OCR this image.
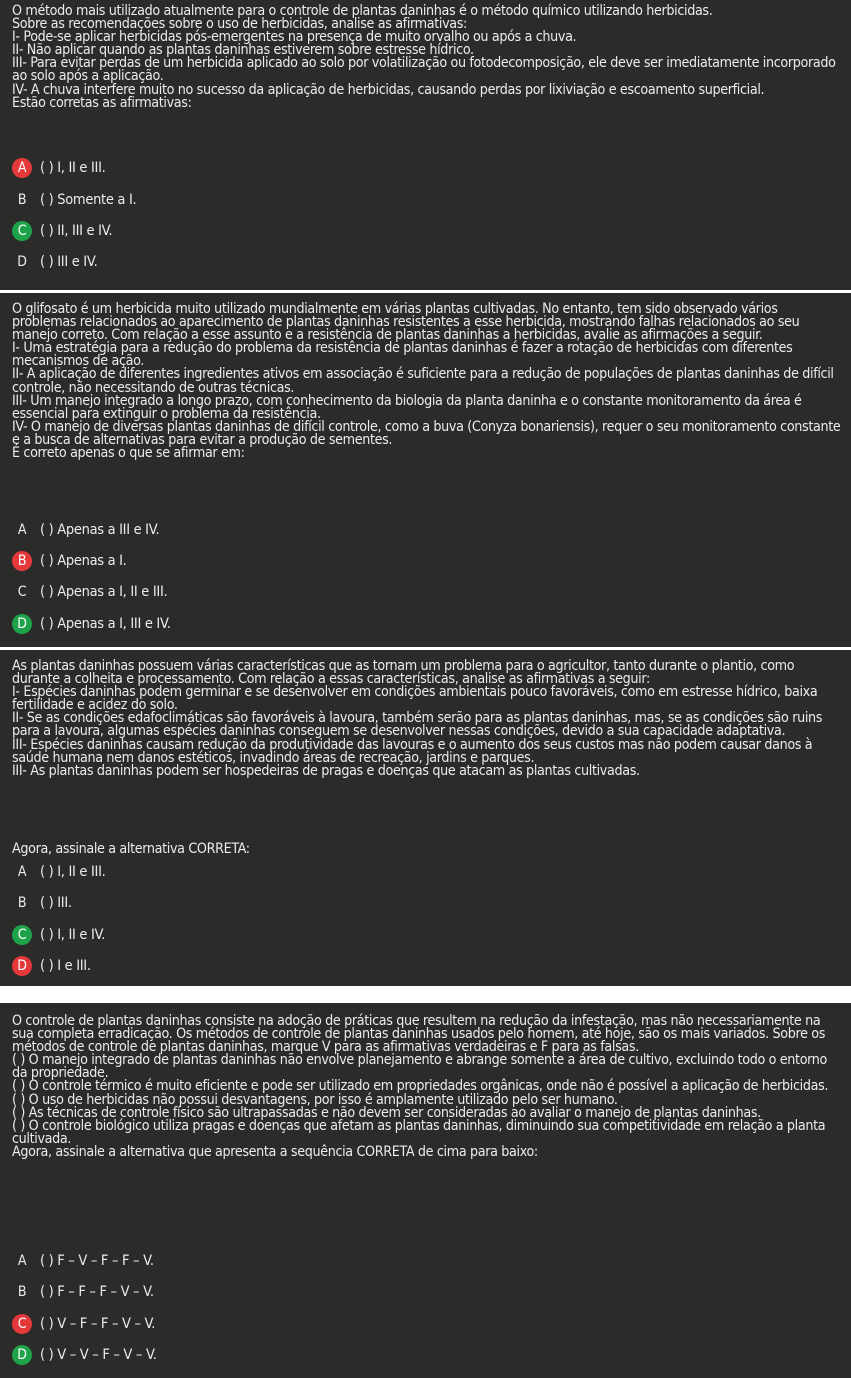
O método mais utilizado atualmente para o controle de plantas daninhas é o método químico utilizando herbicidas.
Sobre as recomendações sobre o uso de herbicidas, analise as afirmativas:
I- Pode-se aplicar herbicidas pós-emergentes na presença de muito orvalho ou após a chuva.
II- Não aplicar quando as plantas daninhas estiverem sobre estresse hídrico.
III- Para evitar perdas de um herbicida aplicado ao solo por volatilização ou fotodecomposição, ele deve ser imediatamente incorporado ao solo após a aplicação.
IV- A chuva interfere muito no sucesso da aplicação de herbicidas, causando perdas por lixiviação e escoamento superficial.
Estão corretas as afirmativas:

A ( ) I, II e III.
B ( ) Somente a I.
C ( ) II, III e IV.
D ( ) III e IV.

O glifosato é um herbicida muito utilizado mundialmente em várias plantas cultivadas. No entanto, tem sido observado vários problemas relacionados ao aparecimento de plantas daninhas resistentes a esse herbicida, mostrando falhas relacionados ao seu manejo correto. Com relação a esse assunto e a resistência de plantas daninhas a herbicidas, avalie as afirmações a seguir.
I- Uma estratégia para a redução do problema da resistência de plantas daninhas é fazer a rotação de herbicidas com diferentes mecanismos de ação.
II- A aplicação de diferentes ingredientes ativos em associação é suficiente para a redução de populações de plantas daninhas de difícil controle, não necessitando de outras técnicas.
III- Um manejo integrado a longo prazo, com conhecimento da biologia da planta daninha e o constante monitoramento da área é essencial para extinguir o problema da resistência.
IV- O manejo de diversas plantas daninhas de difícil controle, como a buva (Conyza bonariensis), requer o seu monitoramento constante e a busca de alternativas para evitar a produção de sementes.
É correto apenas o que se afirmar em:

A ( ) Apenas a III e IV.
B ( ) Apenas a I.
C ( ) Apenas a I, II e III.
D ( ) Apenas a I, III e IV.

As plantas daninhas possuem várias características que as tornam um problema para o agricultor, tanto durante o plantio, como durante a colheita e processamento. Com relação a essas características, analise as afirmativas a seguir:
I- Espécies daninhas podem germinar e se desenvolver em condições ambientais pouco favoráveis, como em estresse hídrico, baixa fertilidade e acidez do solo.
II- Se as condições edafoclimáticas são favoráveis à lavoura, também serão para as plantas daninhas, mas, se as condições são ruins para a lavoura, algumas espécies daninhas conseguem se desenvolver nessas condições, devido a sua capacidade adaptativa.
III- Espécies daninhas causam redução da produtividade das lavouras e o aumento dos seus custos mas não podem causar danos à saúde humana nem danos estéticos, invadindo áreas de recreação, jardins e parques.
III- As plantas daninhas podem ser hospedeiras de pragas e doenças que atacam as plantas cultivadas.

Agora, assinale a alternativa CORRETA:

A ( ) I, II e III.
B ( ) III.
C ( ) I, II e IV.
D ( ) I e III.

O controle de plantas daninhas consiste na adoção de práticas que resultem na redução da infestação, mas não necessariamente na sua completa erradicação. Os métodos de controle de plantas daninhas usados pelo homem, até hoje, são os mais variados. Sobre os métodos de controle de plantas daninhas, marque V para as afirmativas verdadeiras e F para as falsas.
( ) O manejo integrado de plantas daninhas não envolve planejamento e abrange somente a área de cultivo, excluindo todo o entorno da propriedade.
( ) O controle térmico é muito eficiente e pode ser utilizado em propriedades orgânicas, onde não é possível a aplicação de herbicidas.
( ) O uso de herbicidas não possui desvantagens, por isso é amplamente utilizado pelo ser humano.
( ) As técnicas de controle físico são ultrapassadas e não devem ser consideradas ao avaliar o manejo de plantas daninhas.
( ) O controle biológico utiliza pragas e doenças que afetam as plantas daninhas, diminuindo sua competitividade em relação a planta cultivada.
Agora, assinale a alternativa que apresenta a sequência CORRETA de cima para baixo:

A ( ) F – V – F – F – V.
B ( ) F – F – F – V – V.
C ( ) V – F – F – V – V.
D ( ) V – V – F – V – V.
